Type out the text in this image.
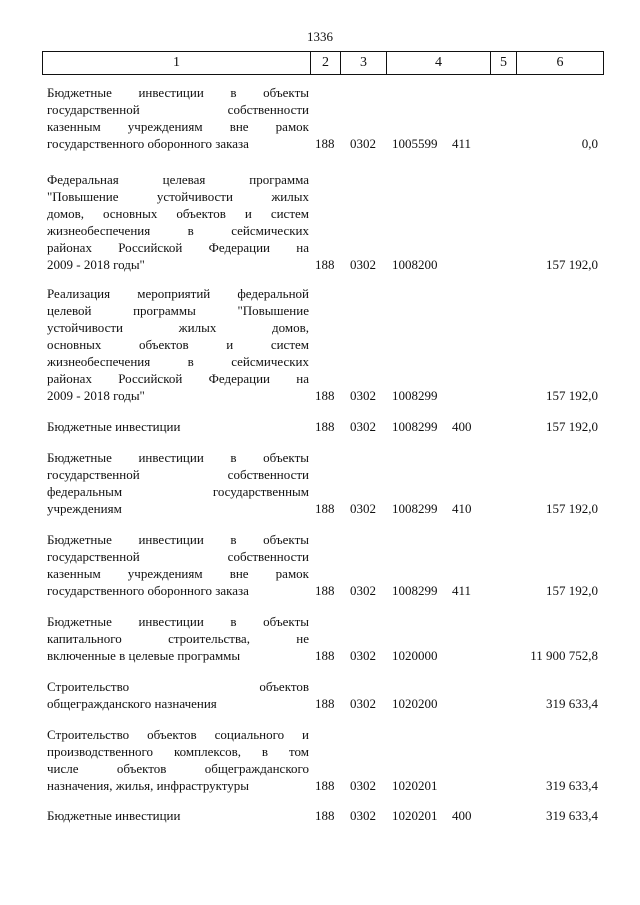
1336
1	2	3	4	5	6
Бюджетные инвестиции в объекты
государственной собственности
казенным учреждениям вне рамок
государственного оборонного заказа	188 0302 1005599 411	0,0
Федеральная целевая программа
"Повышение устойчивости жилых
домов, основных объектов и систем
жизнеобеспечения в сейсмических
районах Российской Федерации на
2009 - 2018 годы"	188 0302 1008200	157 192,0
Реализация мероприятий федеральной
целевой программы "Повышение
устойчивости жилых домов,
основных объектов и систем
жизнеобеспечения в сейсмических
районах Российской Федерации на
2009 - 2018 годы"	188 0302 1008299	157 192,0
Бюджетные инвестиции	188 0302 1008299 400	157 192,0
Бюджетные инвестиции в объекты
государственной собственности
федеральным государственным
учреждениям	188 0302 1008299 410	157 192,0
Бюджетные инвестиции в объекты
государственной собственности
казенным учреждениям вне рамок
государственного оборонного заказа	188 0302 1008299 411	157 192,0
Бюджетные инвестиции в объекты
капитального строительства, не
включенные в целевые программы	188 0302 1020000	11 900 752,8
Строительство объектов
общегражданского назначения	188 0302 1020200	319 633,4
Строительство объектов социального и
производственного комплексов, в том
числе объектов общегражданского
назначения, жилья, инфраструктуры	188 0302 1020201	319 633,4
Бюджетные инвестиции	188 0302 1020201 400	319 633,4
